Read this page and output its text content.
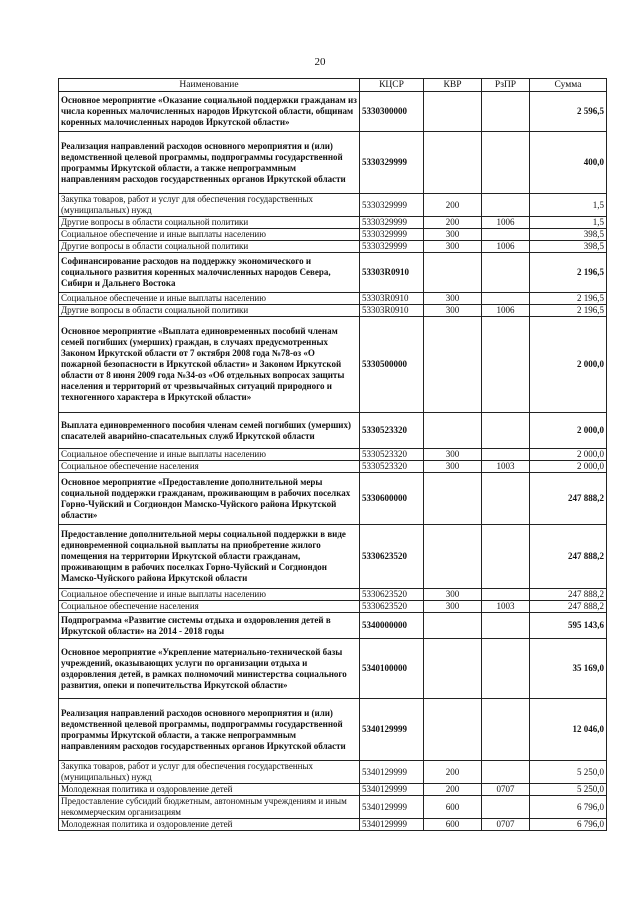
20
Наименование	КЦСР	КВР	РзПР	Сумма
Основное мероприятие «Оказание социальной поддержки гражданам из числа коренных малочисленных народов Иркутской области, общинам коренных малочисленных народов Иркутской области»	5330300000			2 596,5
Реализация направлений расходов основного мероприятия и (или) ведомственной целевой программы, подпрограммы государственной программы Иркутской области, а также непрограммным направлениям расходов государственных органов Иркутской области	5330329999			400,0
Закупка товаров, работ и услуг для обеспечения государственных (муниципальных) нужд	5330329999	200		1,5
Другие вопросы в области социальной политики	5330329999	200	1006	1,5
Социальное обеспечение и иные выплаты населению	5330329999	300		398,5
Другие вопросы в области социальной политики	5330329999	300	1006	398,5
Софинансирование расходов на поддержку экономического и социального развития коренных малочисленных народов Севера, Сибири и Дальнего Востока	53303R0910			2 196,5
Социальное обеспечение и иные выплаты населению	53303R0910	300		2 196,5
Другие вопросы в области социальной политики	53303R0910	300	1006	2 196,5
Основное мероприятие «Выплата единовременных пособий членам семей погибших (умерших) граждан, в случаях предусмотренных Законом Иркутской области от 7 октября 2008 года №78-оз «О пожарной безопасности в Иркутской области» и Законом Иркутской области от 8 июня 2009 года №34-оз «Об отдельных вопросах защиты населения и территорий от чрезвычайных ситуаций природного и техногенного характера в Иркутской области»	5330500000			2 000,0
Выплата единовременного пособия членам семей погибших (умерших) спасателей аварийно-спасательных служб Иркутской области	5330523320			2 000,0
Социальное обеспечение и иные выплаты населению	5330523320	300		2 000,0
Социальное обеспечение населения	5330523320	300	1003	2 000,0
Основное мероприятие «Предоставление дополнительной меры социальной поддержки гражданам, проживающим в рабочих поселках Горно-Чуйский и Согдиондон Мамско-Чуйского района Иркутской области»	5330600000			247 888,2
Предоставление дополнительной меры социальной поддержки в виде единовременной социальной выплаты на приобретение жилого помещения на территории Иркутской области гражданам, проживающим в рабочих поселках Горно-Чуйский и Согдиондон Мамско-Чуйского района Иркутской области	5330623520			247 888,2
Социальное обеспечение и иные выплаты населению	5330623520	300		247 888,2
Социальное обеспечение населения	5330623520	300	1003	247 888,2
Подпрограмма «Развитие системы отдыха и оздоровления детей в Иркутской области» на 2014 - 2018 годы	5340000000			595 143,6
Основное мероприятие «Укрепление материально-технической базы учреждений, оказывающих услуги по организации отдыха и оздоровления детей, в рамках полномочий министерства социального развития, опеки и попечительства Иркутской области»	5340100000			35 169,0
Реализация направлений расходов основного мероприятия и (или) ведомственной целевой программы, подпрограммы государственной программы Иркутской области, а также непрограммным направлениям расходов государственных органов Иркутской области	5340129999			12 046,0
Закупка товаров, работ и услуг для обеспечения государственных (муниципальных) нужд	5340129999	200		5 250,0
Молодежная политика и оздоровление детей	5340129999	200	0707	5 250,0
Предоставление субсидий бюджетным, автономным учреждениям и иным некоммерческим организациям	5340129999	600		6 796,0
Молодежная политика и оздоровление детей	5340129999	600	0707	6 796,0
